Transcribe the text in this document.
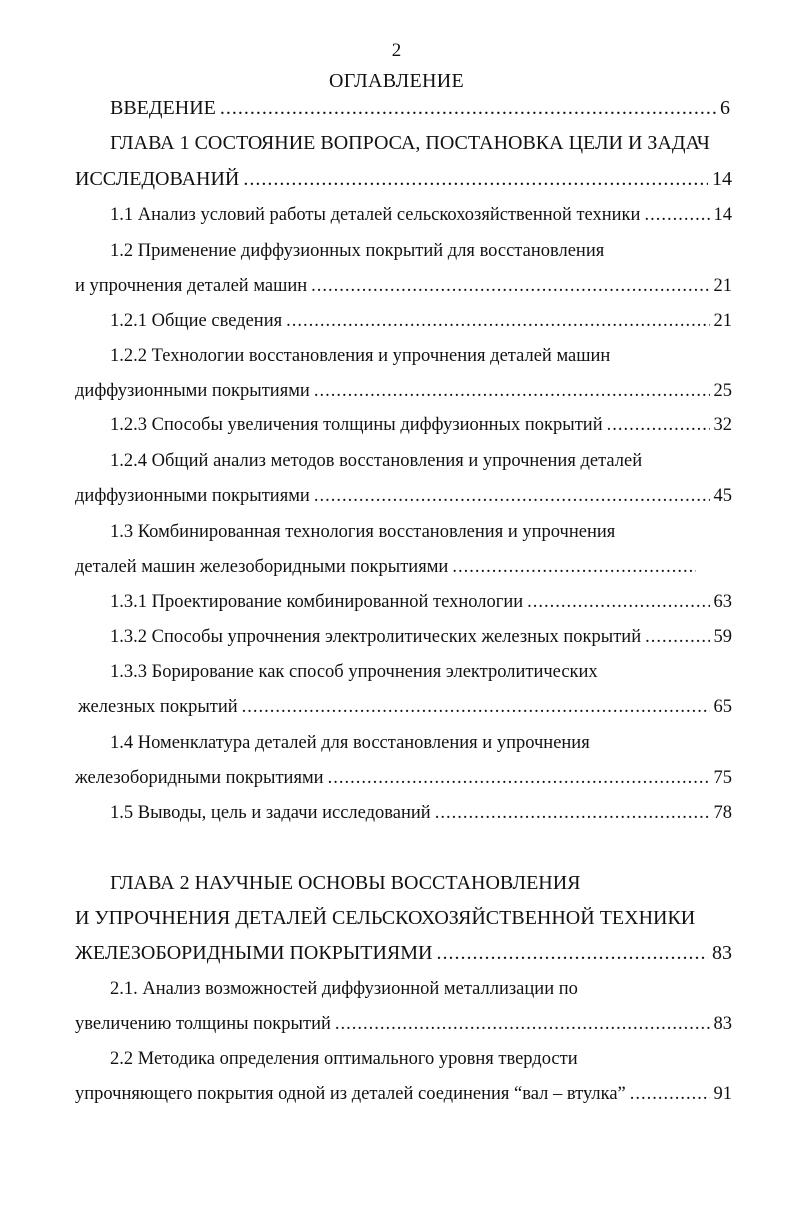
2
ОГЛАВЛЕНИЕ
ВВЕДЕНИЕ .....	6
ГЛАВА 1 СОСТОЯНИЕ ВОПРОСА, ПОСТАНОВКА ЦЕЛИ И ЗАДАЧ
ИССЛЕДОВАНИЙ .....	14
1.1 Анализ условий работы деталей сельскохозяйственной техники .....	14
1.2 Применение диффузионных покрытий для восстановления
и упрочнения деталей машин .....	21
1.2.1 Общие сведения .....	21
1.2.2 Технологии восстановления и упрочнения деталей машин
диффузионными покрытиями .....	25
1.2.3 Способы увеличения толщины диффузионных покрытий .....	32
1.2.4 Общий анализ методов восстановления и упрочнения деталей
диффузионными покрытиями .....	45
1.3 Комбинированная технология восстановления и упрочнения
деталей машин железоборидными покрытиями
.....
1.3.1 Проектирование комбинированной технологии .....	63
1.3.2 Способы упрочнения электролитических железных покрытий .....	59
1.3.3 Борирование как способ упрочнения электролитических
железных покрытий .....	65
1.4 Номенклатура деталей для восстановления и упрочнения
железоборидными покрытиями .....	75
1.5 Выводы, цель и задачи исследований .....	78
ГЛАВА 2 НАУЧНЫЕ ОСНОВЫ ВОССТАНОВЛЕНИЯ
И УПРОЧНЕНИЯ ДЕТАЛЕЙ СЕЛЬСКОХОЗЯЙСТВЕННОЙ ТЕХНИКИ
ЖЕЛЕЗОБОРИДНЫМИ ПОКРЫТИЯМИ .....	83
2.1. Анализ возможностей диффузионной металлизации по
увеличению толщины покрытий .....	83
2.2 Методика определения оптимального уровня твердости
упрочняющего покрытия одной из деталей соединения “вал – втулка” .....	91
